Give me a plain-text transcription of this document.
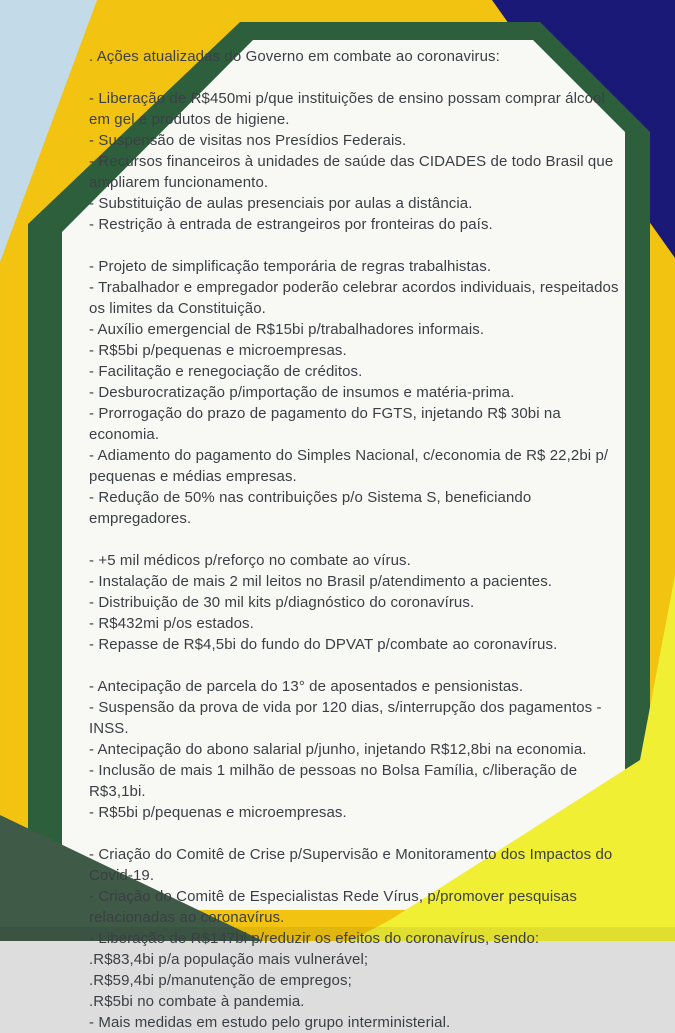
. Ações atualizadas do Governo em combate ao coronavirus:
- Liberação de R$450mi p/que instituições de ensino possam comprar álcool em gel e produtos de higiene.
- Suspensão de visitas nos Presídios Federais.
- Recursos financeiros à unidades de saúde das CIDADES de todo Brasil que ampliarem funcionamento.
- Substituição de aulas presenciais por aulas a distância.
- Restrição à entrada de estrangeiros por fronteiras do país.
- Projeto de simplificação temporária de regras trabalhistas.
- Trabalhador e empregador poderão celebrar acordos individuais, respeitados os limites da Constituição.
- Auxílio emergencial de R$15bi p/trabalhadores informais.
- R$5bi p/pequenas e microempresas.
- Facilitação e renegociação de créditos.
- Desburocratização p/importação de insumos e matéria-prima.
- Prorrogação do prazo de pagamento do FGTS, injetando R$ 30bi na economia.
- Adiamento do pagamento do Simples Nacional, c/economia de R$ 22,2bi p/ pequenas e médias empresas.
- Redução de 50% nas contribuições p/o Sistema S, beneficiando empregadores.
- +5 mil médicos p/reforço no combate ao vírus.
- Instalação de mais 2 mil leitos no Brasil p/atendimento a pacientes.
- Distribuição de 30 mil kits p/diagnóstico do coronavírus.
- R$432mi p/os estados.
- Repasse de R$4,5bi do fundo do DPVAT p/combate ao coronavírus.
- Antecipação de parcela do 13° de aposentados e pensionistas.
- Suspensão da prova de vida por 120 dias, s/interrupção dos pagamentos -INSS.
- Antecipação do abono salarial p/junho, injetando R$12,8bi na economia.
- Inclusão de mais 1 milhão de pessoas no Bolsa Família, c/liberação de R$3,1bi.
- R$5bi p/pequenas e microempresas.
- Criação do Comitê de Crise p/Supervisão e Monitoramento dos Impactos do Covid-19.
- Criação do Comitê de Especialistas Rede Vírus, p/promover pesquisas relacionadas ao coronavírus.
- Liberação de R$147bi p/reduzir os efeitos do coronavírus, sendo:
.R$83,4bi p/a população mais vulnerável;
.R$59,4bi p/manutenção de empregos;
.R$5bi no combate à pandemia.
- Mais medidas em estudo pelo grupo interministerial.
